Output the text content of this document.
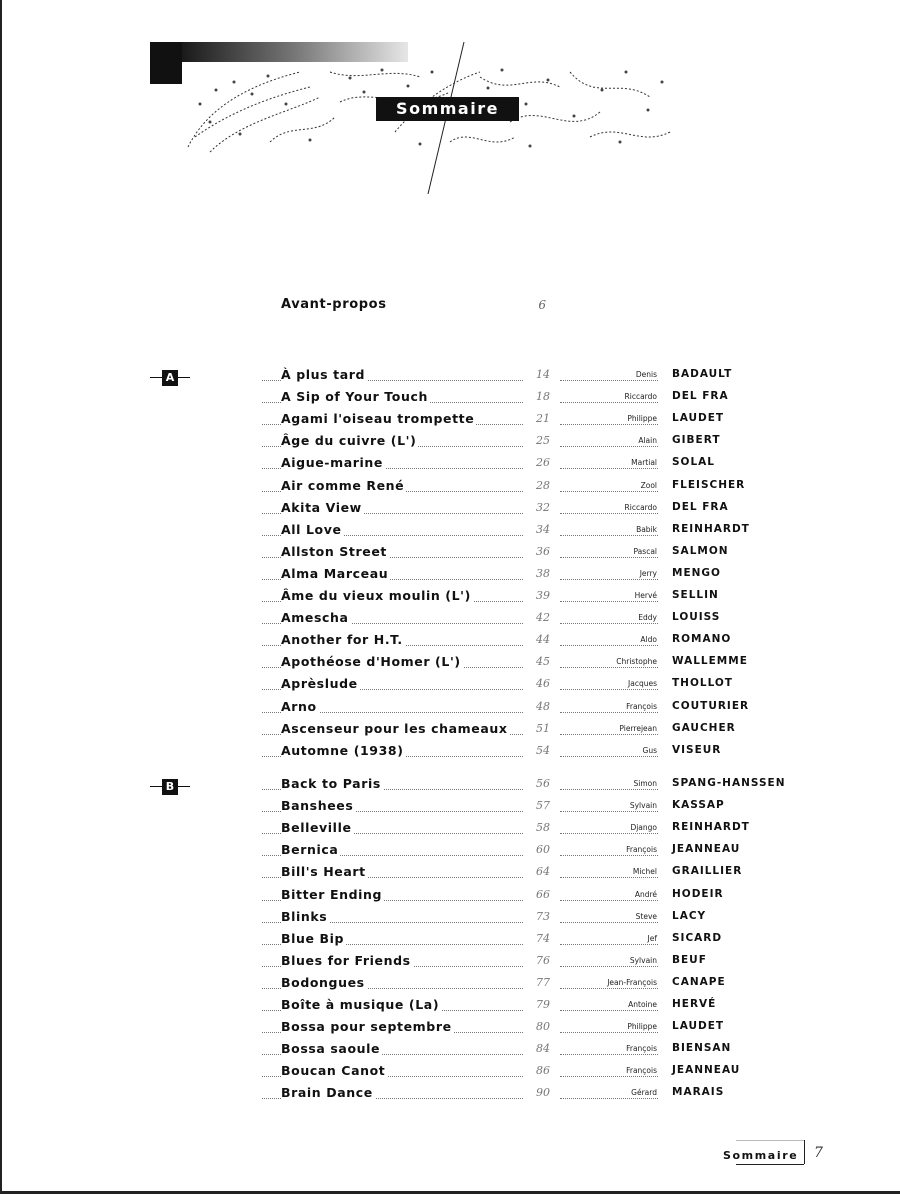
Sommaire
Avant-propos	6
A	À plus tard	14	Denis BADAULT
A Sip of Your Touch	18	Riccardo DEL FRA
Agami l'oiseau trompette	21	Philippe LAUDET
Âge du cuivre (L')	25	Alain GIBERT
Aigue-marine	26	Martial SOLAL
Air comme René	28	Zool FLEISCHER
Akita View	32	Riccardo DEL FRA
All Love	34	Babik REINHARDT
Allston Street	36	Pascal SALMON
Alma Marceau	38	Jerry MENGO
Âme du vieux moulin (L')	39	Hervé SELLIN
Amescha	42	Eddy LOUISS
Another for H.T.	44	Aldo ROMANO
Apothéose d'Homer (L')	45	Christophe WALLEMME
Aprèslude	46	Jacques THOLLOT
Arno	48	François COUTURIER
Ascenseur pour les chameaux	51	Pierrejean GAUCHER
Automne (1938)	54	Gus VISEUR
B	Back to Paris	56	Simon SPANG-HANSSEN
Banshees	57	Sylvain KASSAP
Belleville	58	Django REINHARDT
Bernica	60	François JEANNEAU
Bill's Heart	64	Michel GRAILLIER
Bitter Ending	66	André HODEIR
Blinks	73	Steve LACY
Blue Bip	74	Jef SICARD
Blues for Friends	76	Sylvain BEUF
Bodongues	77	Jean-François CANAPE
Boîte à musique (La)	79	Antoine HERVÉ
Bossa pour septembre	80	Philippe LAUDET
Bossa saoule	84	François BIENSAN
Boucan Canot	86	François JEANNEAU
Brain Dance	90	Gérard MARAIS
Sommaire 7
